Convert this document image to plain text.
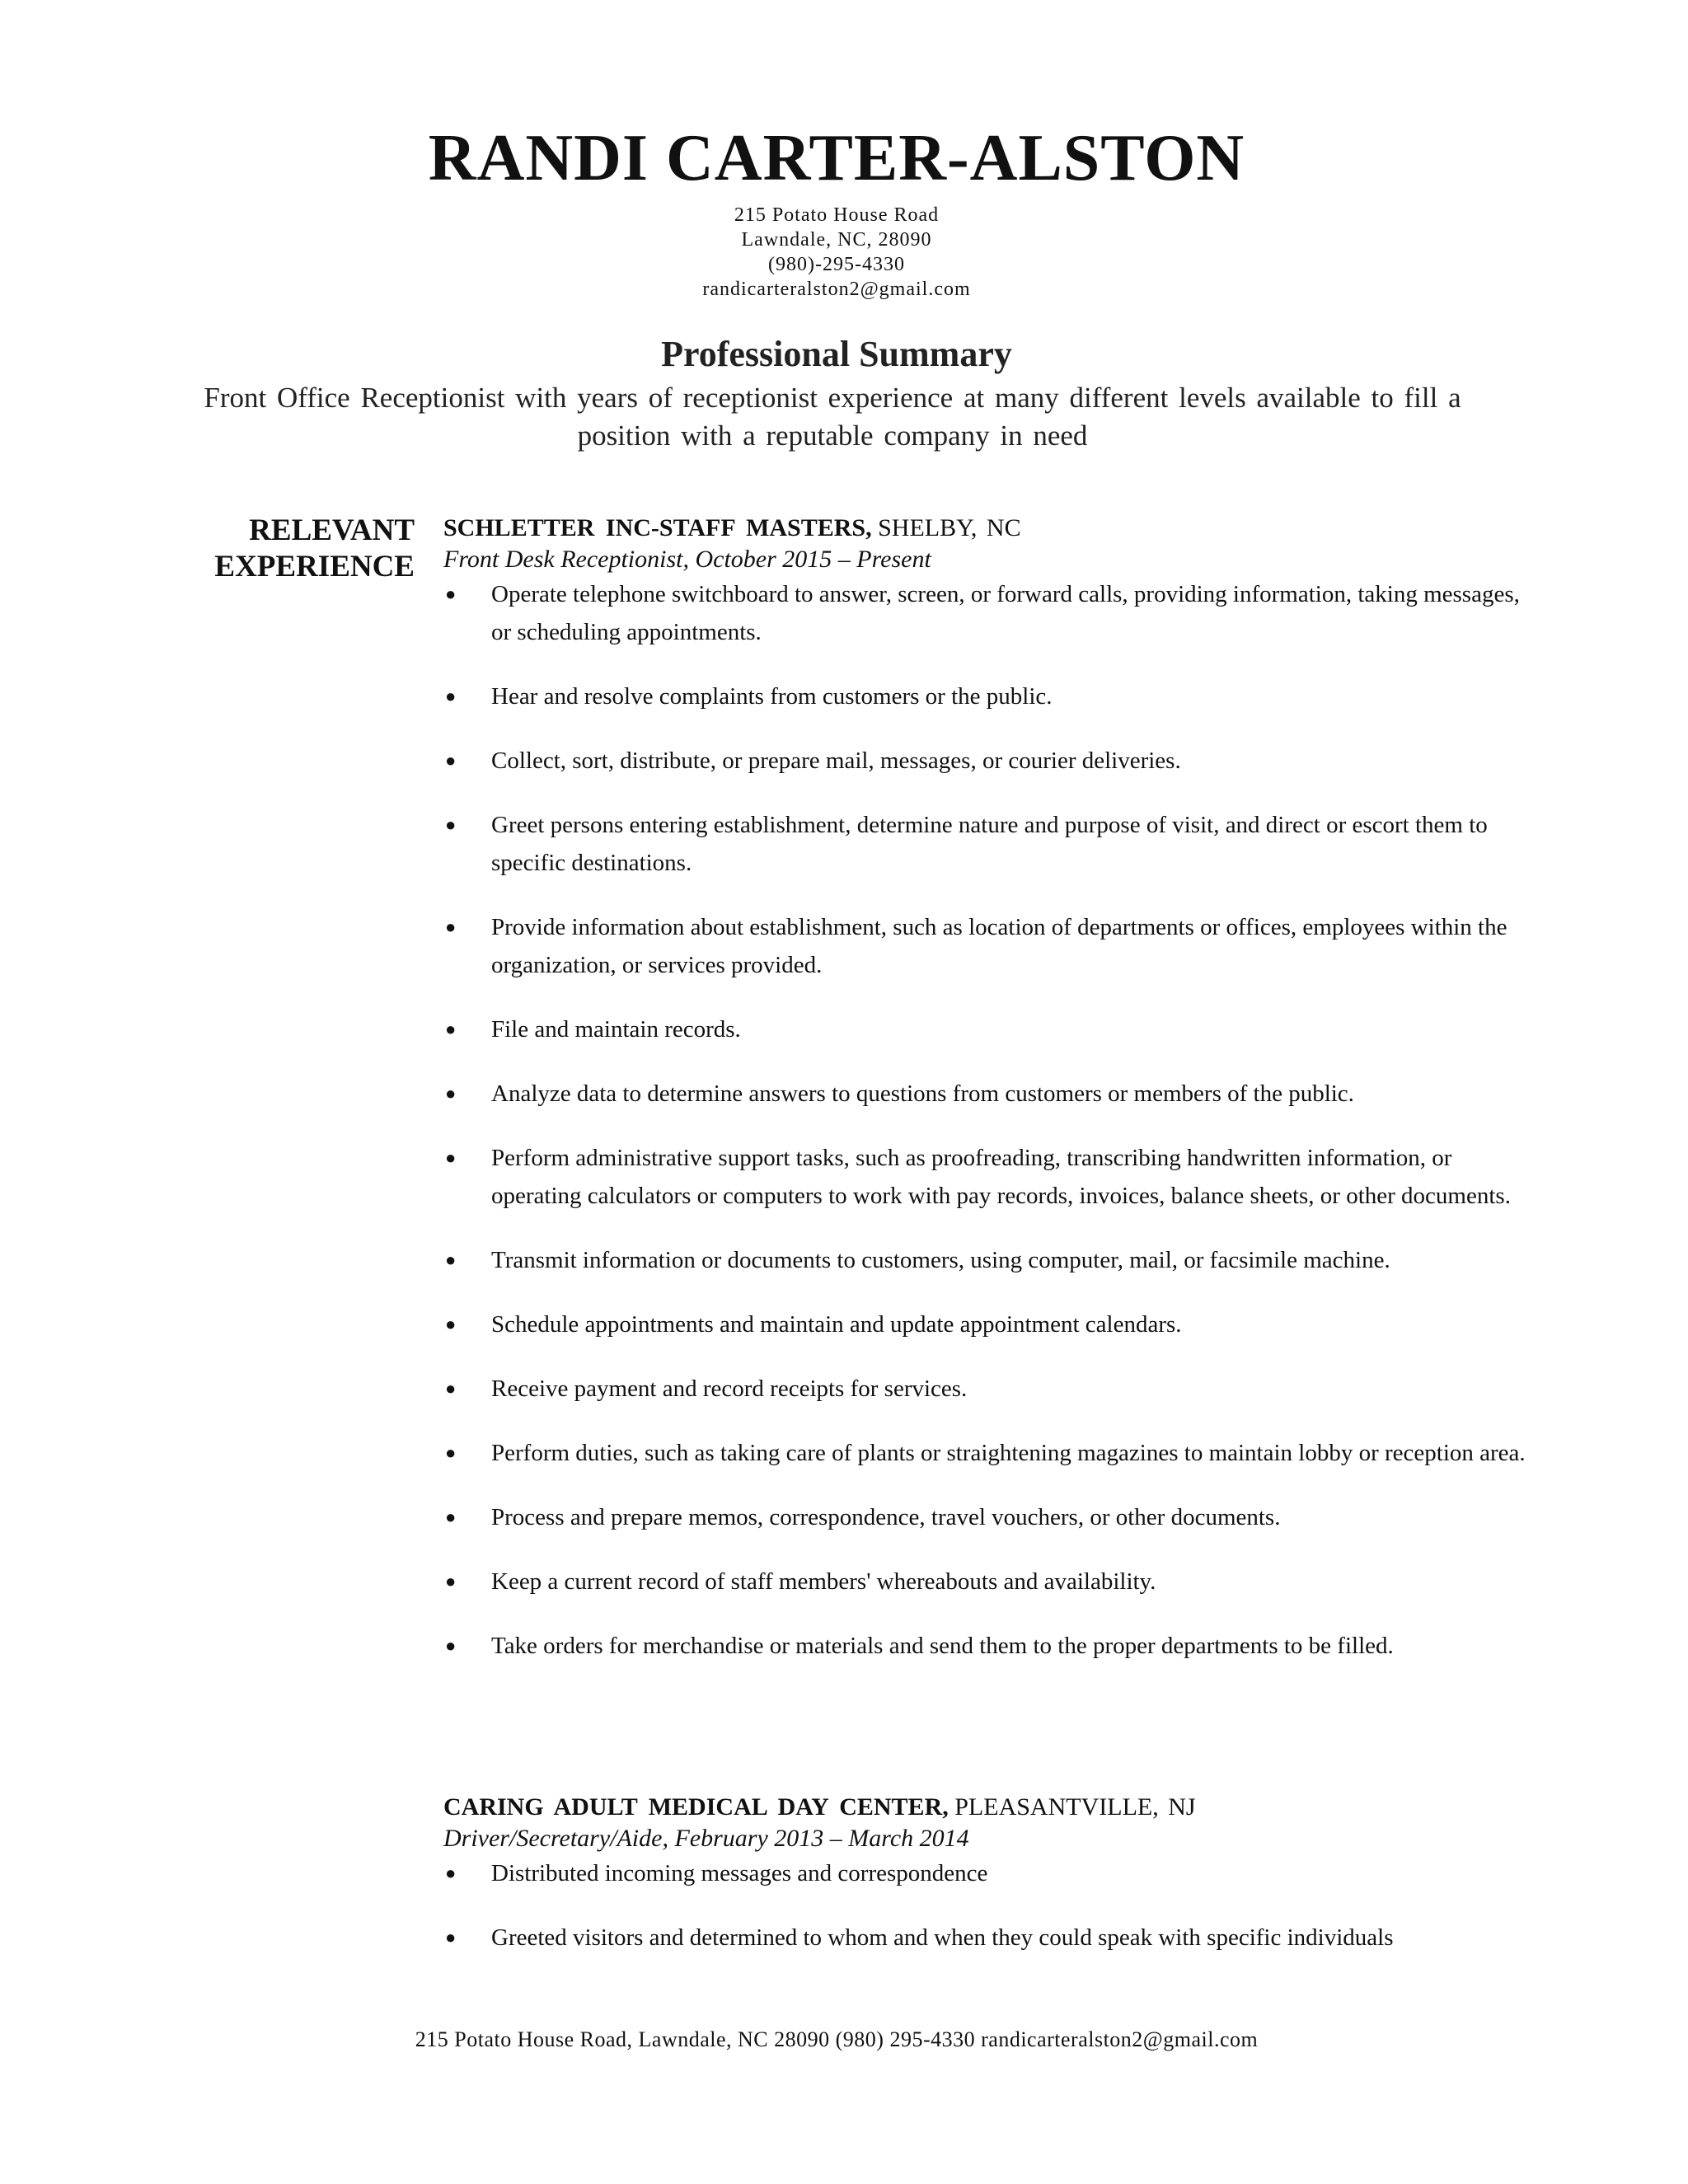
RANDI CARTER-ALSTON
215 Potato House Road
Lawndale, NC, 28090
(980)-295-4330
randicarteralston2@gmail.com
Professional Summary
Front Office Receptionist with years of receptionist experience at many different levels available to fill a
position with a reputable company in need
RELEVANT
EXPERIENCE
SCHLETTER INC-STAFF MASTERS, SHELBY, NC
Front Desk Receptionist, October 2015 – Present
● Operate telephone switchboard to answer, screen, or forward calls, providing information, taking messages, or scheduling appointments.
● Hear and resolve complaints from customers or the public.
● Collect, sort, distribute, or prepare mail, messages, or courier deliveries.
● Greet persons entering establishment, determine nature and purpose of visit, and direct or escort them to specific destinations.
● Provide information about establishment, such as location of departments or offices, employees within the organization, or services provided.
● File and maintain records.
● Analyze data to determine answers to questions from customers or members of the public.
● Perform administrative support tasks, such as proofreading, transcribing handwritten information, or operating calculators or computers to work with pay records, invoices, balance sheets, or other documents.
● Transmit information or documents to customers, using computer, mail, or facsimile machine.
● Schedule appointments and maintain and update appointment calendars.
● Receive payment and record receipts for services.
● Perform duties, such as taking care of plants or straightening magazines to maintain lobby or reception area.
● Process and prepare memos, correspondence, travel vouchers, or other documents.
● Keep a current record of staff members' whereabouts and availability.
● Take orders for merchandise or materials and send them to the proper departments to be filled.
CARING ADULT MEDICAL DAY CENTER, PLEASANTVILLE, NJ
Driver/Secretary/Aide, February 2013 – March 2014
● Distributed incoming messages and correspondence
● Greeted visitors and determined to whom and when they could speak with specific individuals
215 Potato House Road, Lawndale, NC 28090 (980) 295-4330 randicarteralston2@gmail.com
